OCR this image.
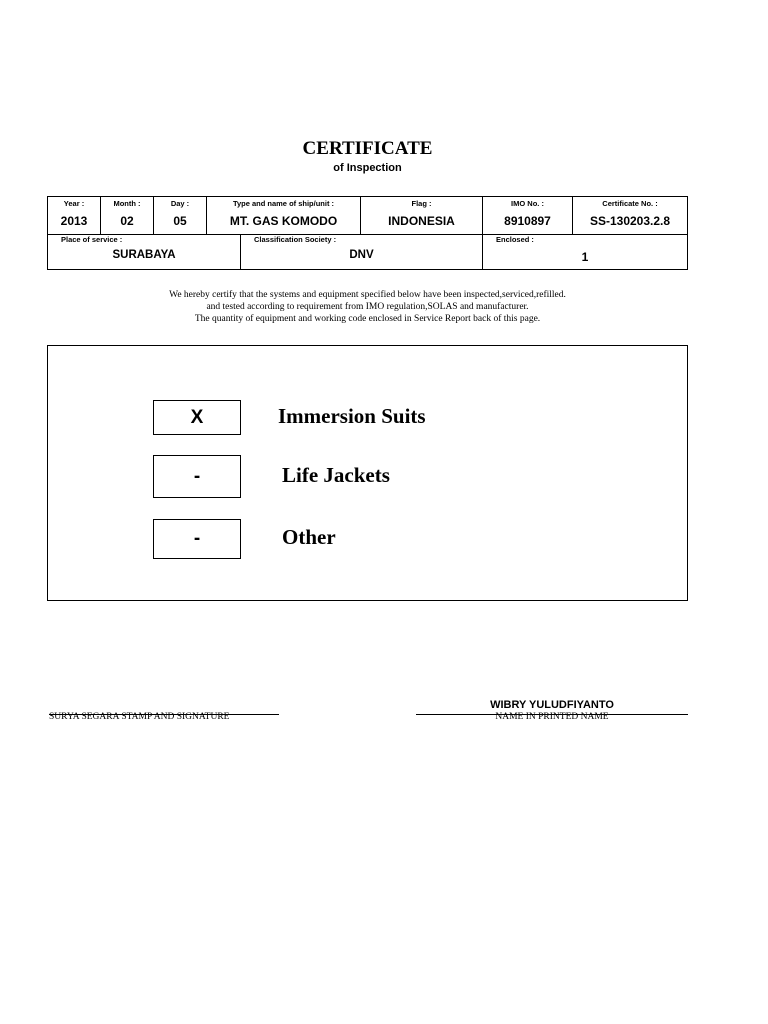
CERTIFICATE
of Inspection
Year :
2013
Month :
02
Day :
05
Type and name of ship/unit :
MT. GAS KOMODO
Flag :
INDONESIA
IMO No. :
8910897
Certificate No. :
SS-130203.2.8
Place of service :
SURABAYA
Classification Society :
DNV
Enclosed :
1
We hereby certify that the systems and equipment specified below have been inspected,serviced,refilled.
and tested according to requirement from IMO regulation,SOLAS and manufacturer.
The quantity of equipment and working code enclosed in Service Report back of this page.
X	Immersion Suits
-	Life Jackets
-	Other
SURYA SEGARA STAMP AND SIGNATURE
WIBRY YULUDFIYANTO
NAME IN PRINTED NAME
